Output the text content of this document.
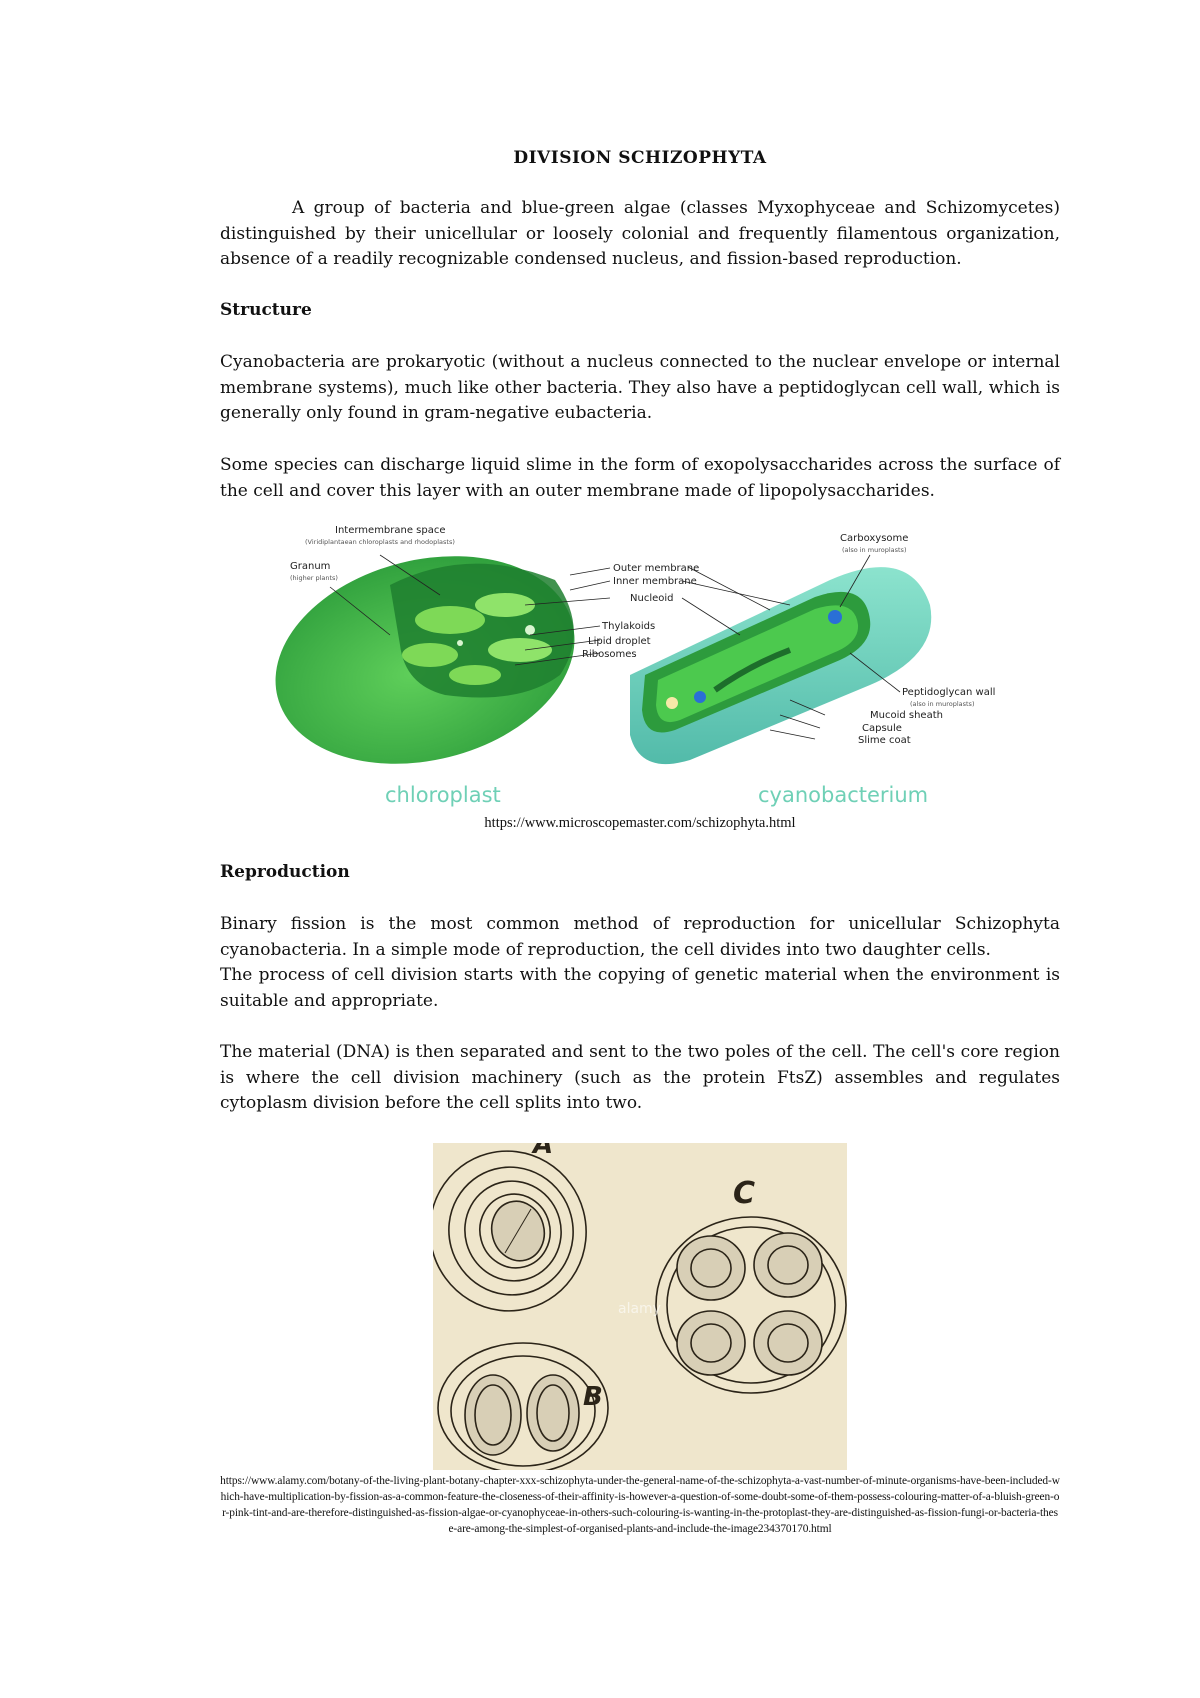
DIVISION SCHIZOPHYTA

A group of bacteria and blue-green algae (classes Myxophyceae and Schizomycetes) distinguished by their unicellular or loosely colonial and frequently filamentous organization, absence of a readily recognizable condensed nucleus, and fission-based reproduction.

Structure

Cyanobacteria are prokaryotic (without a nucleus connected to the nuclear envelope or internal membrane systems), much like other bacteria. They also have a peptidoglycan cell wall, which is generally only found in gram-negative eubacteria.

Some species can discharge liquid slime in the form of exopolysaccharides across the surface of the cell and cover this layer with an outer membrane made of lipopolysaccharides.

Intermembrane space
(Viridiplantaean chloroplasts and rhodoplasts)
Granum
(higher plants)
Outer membrane
Inner membrane
Nucleoid
Thylakoids
Lipid droplet
Ribosomes
Carboxysome
(also in muroplasts)
Peptidoglycan wall
(also in muroplasts)
Mucoid sheath
Capsule
Slime coat
chloroplast	cyanobacterium
https://www.microscopemaster.com/schizophyta.html

Reproduction

Binary fission is the most common method of reproduction for unicellular Schizophyta cyanobacteria. In a simple mode of reproduction, the cell divides into two daughter cells.

The process of cell division starts with the copying of genetic material when the environment is suitable and appropriate.

The material (DNA) is then separated and sent to the two poles of the cell. The cell's core region is where the cell division machinery (such as the protein FtsZ) assembles and regulates cytoplasm division before the cell splits into two.

A
B
C
alamy
https://www.alamy.com/botany-of-the-living-plant-botany-chapter-xxx-schizophyta-under-the-general-name-of-the-schizophyta-a-vast-number-of-minute-organisms-have-been-included-which-have-multiplication-by-fission-as-a-common-feature-the-closeness-of-their-affinity-is-however-a-question-of-some-doubt-some-of-them-possess-colouring-matter-of-a-bluish-green-or-pink-tint-and-are-therefore-distinguished-as-fission-algae-or-cyanophyceae-in-others-such-colouring-is-wanting-in-the-protoplast-they-are-distinguished-as-fission-fungi-or-bacteria-these-are-among-the-simplest-of-organised-plants-and-include-the-image234370170.html
